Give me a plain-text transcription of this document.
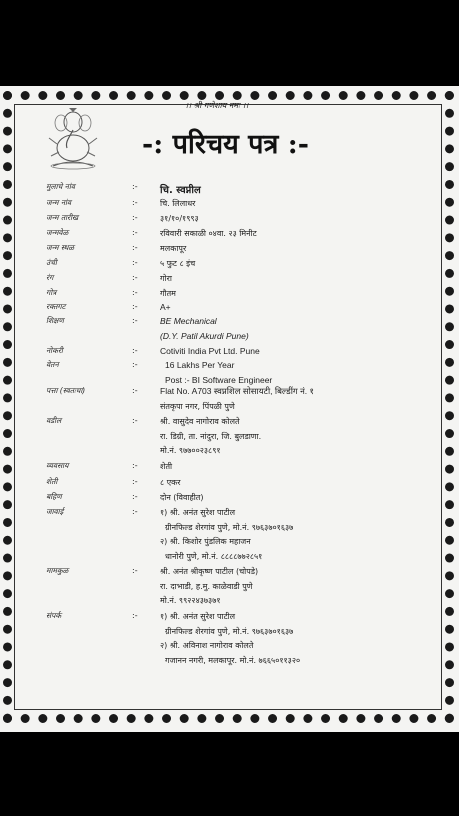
।। श्री गणेशाय नमः ।।
-: परिचय पत्र :-
मुलाचे नांव	:- चि. स्वप्नील
जन्म नांव	:-	चि. लिलाधर
जन्म तारीख	:-	३१/१०/१९९३
जन्मवेळ	:-	रविवारी सकाळी ०४वा. २३ मिनीट
जन्म स्थळ	:-	मलकापूर
उंची	:-	५ फुट ८ इंच
रंग	:-	गोरा
गोत्र	:-	गौतम
रक्तगट	:-	A+
शिक्षण	:-	BE Mechanical
(D.Y. Patil Akurdi Pune)
नोकरी	:-	Cotiviti India Pvt Ltd. Pune
वेतन	:-	16 Lakhs Per Year
Post :- BI Software Engineer
पत्ता (स्वतःचा)	:-	Flat No. A703 स्वप्नशिल सोसायटी, बिल्डींग नं. १
संतकृपा नगर, पिंपळी पुणे
वडील	:-	श्री. वासुदेव नागोराव कोलते
रा. डिग्री, ता. नांदुरा, जि. बुलडाणा.
मो.नं. ९७७००२३८९१
व्यवसाय	:-	शेती
शेती	:-	८ एकर
बहिण	:-	दोन (विवाहीत)
जावाई	:-	१) श्री. अनंत सुरेश पाटील
ग्रीनफिल्ड शेरगांव पुणे, मो.नं. ९७६३७०१६३७
२) श्री. किशोर पुंडलिक महाजन
धानोरी पुणे, मो.नं. ८८८८७७२८५१
मामकुळ	:-	श्री. अनंत श्रीकृष्ण पाटील (चोपडे)
रा. दाभाडी, ह.मु. काळेवाडी पुणे
मो.नं. ९९२२४३७३७१
संपर्क	:-	१) श्री. अनंत सुरेश पाटील
ग्रीनफिल्ड शेरगांव पुणे, मो.नं. ९७६३७०१६३७
२) श्री. अविनाश नागोराव कोलते
गजानन नगरी, मलकापूर. मो.नं. ७६६५०११३२०
